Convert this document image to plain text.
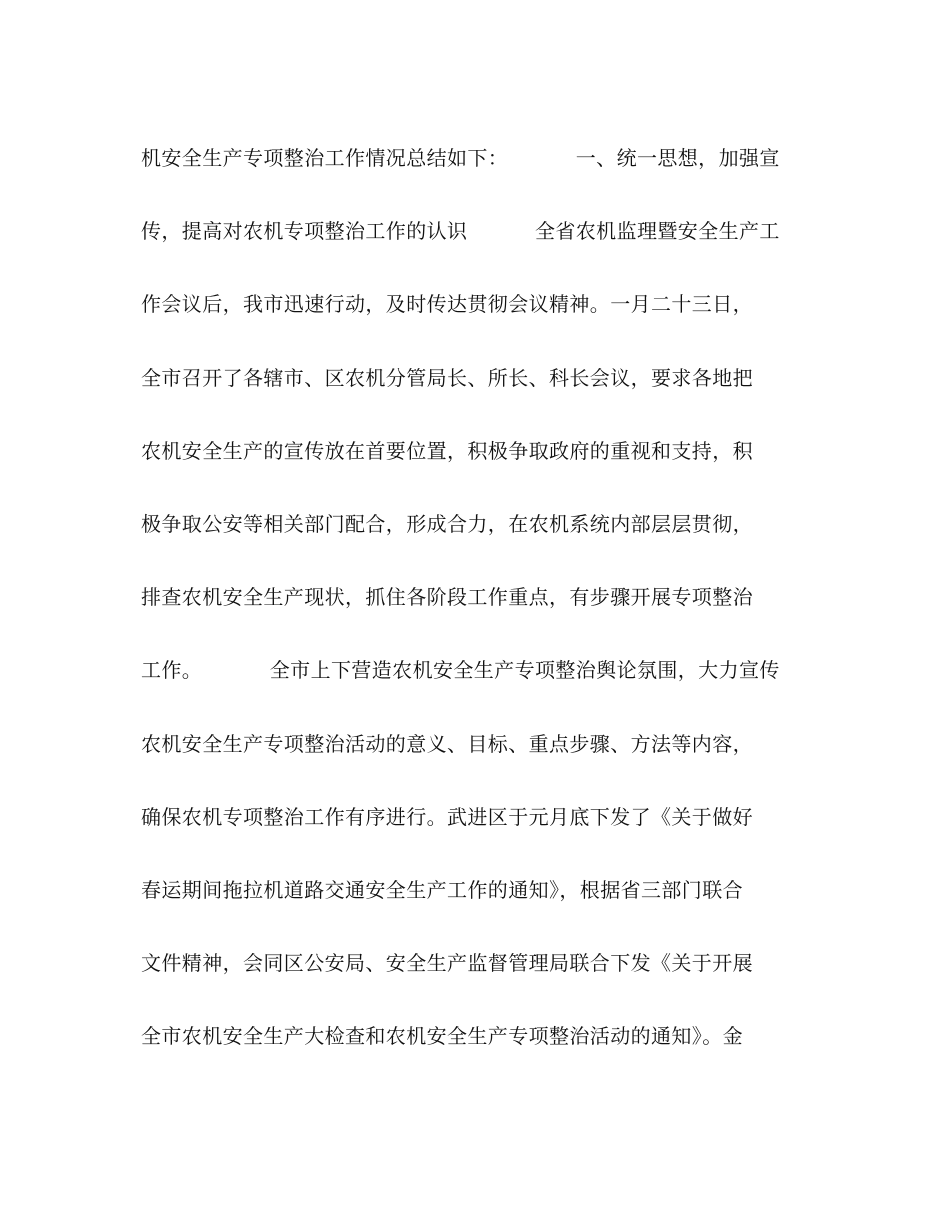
机安全生产专项整治工作情况总结如下：          一、统一思想，加强宣
传，提高对农机专项整治工作的认识          全省农机监理暨安全生产工
作会议后，我市迅速行动，及时传达贯彻会议精神。一月二十三日，
全市召开了各辖市、区农机分管局长、所长、科长会议，要求各地把
农机安全生产的宣传放在首要位置，积极争取政府的重视和支持，积
极争取公安等相关部门配合，形成合力，在农机系统内部层层贯彻，
排查农机安全生产现状，抓住各阶段工作重点，有步骤开展专项整治
工作。          全市上下营造农机安全生产专项整治舆论氛围，大力宣传
农机安全生产专项整治活动的意义、目标、重点步骤、方法等内容，
确保农机专项整治工作有序进行。武进区于元月底下发了《关于做好
春运期间拖拉机道路交通安全生产工作的通知》，根据省三部门联合
文件精神，会同区公安局、安全生产监督管理局联合下发《关于开展
全市农机安全生产大检查和农机安全生产专项整治活动的通知》。金
